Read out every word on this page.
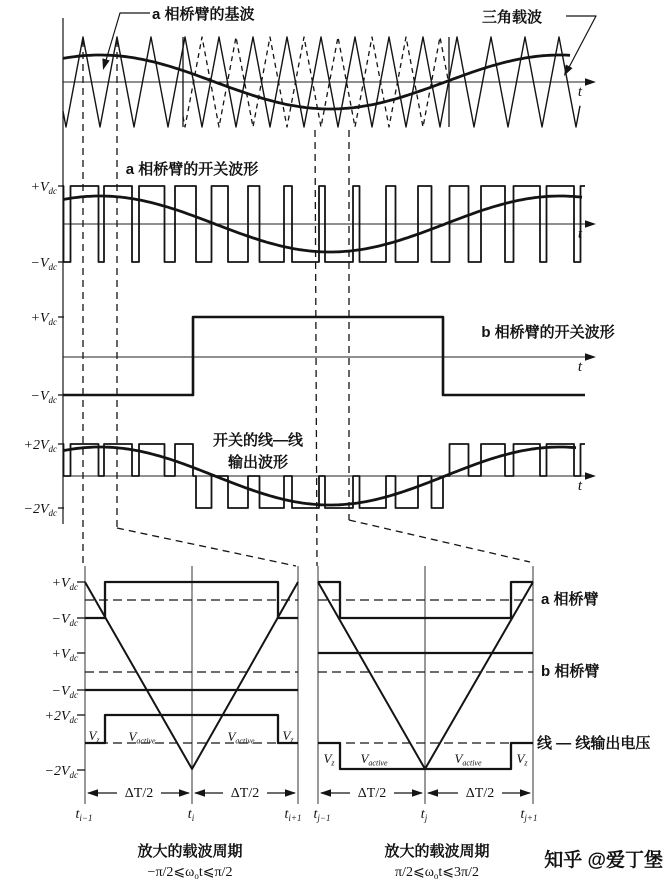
a 相桥臂的基波	三角载波
t
a 相桥臂的开关波形
$+V_{dc}$
$-V_{dc}$
t
b 相桥臂的开关波形
$+V_{dc}$
$-V_{dc}$
t
开关的线—线
输出波形
$+2V_{dc}$
$-2V_{dc}$
t
$+V_{dc}$
$-V_{dc}$
$+V_{dc}$
$-V_{dc}$
$+2V_{dc}$
$-2V_{dc}$
Vz Vactive	Vactive Vz
Vz Vactive	Vactive	Vz
ΔT/2	ΔT/2	ΔT/2	ΔT/2
$t_{i-1}$	$t_i$	$t_{i+1}$ $t_{j-1}$	$t_j$	$t_{j+1}$
放大的载波周期
$-\pi/2⩽\omega_ot⩽\pi/2$
放大的载波周期
$\pi/2⩽\omega_ot⩽3\pi/2$
a 相桥臂
b 相桥臂
线 — 线输出电压
知乎 @爱丁堡
